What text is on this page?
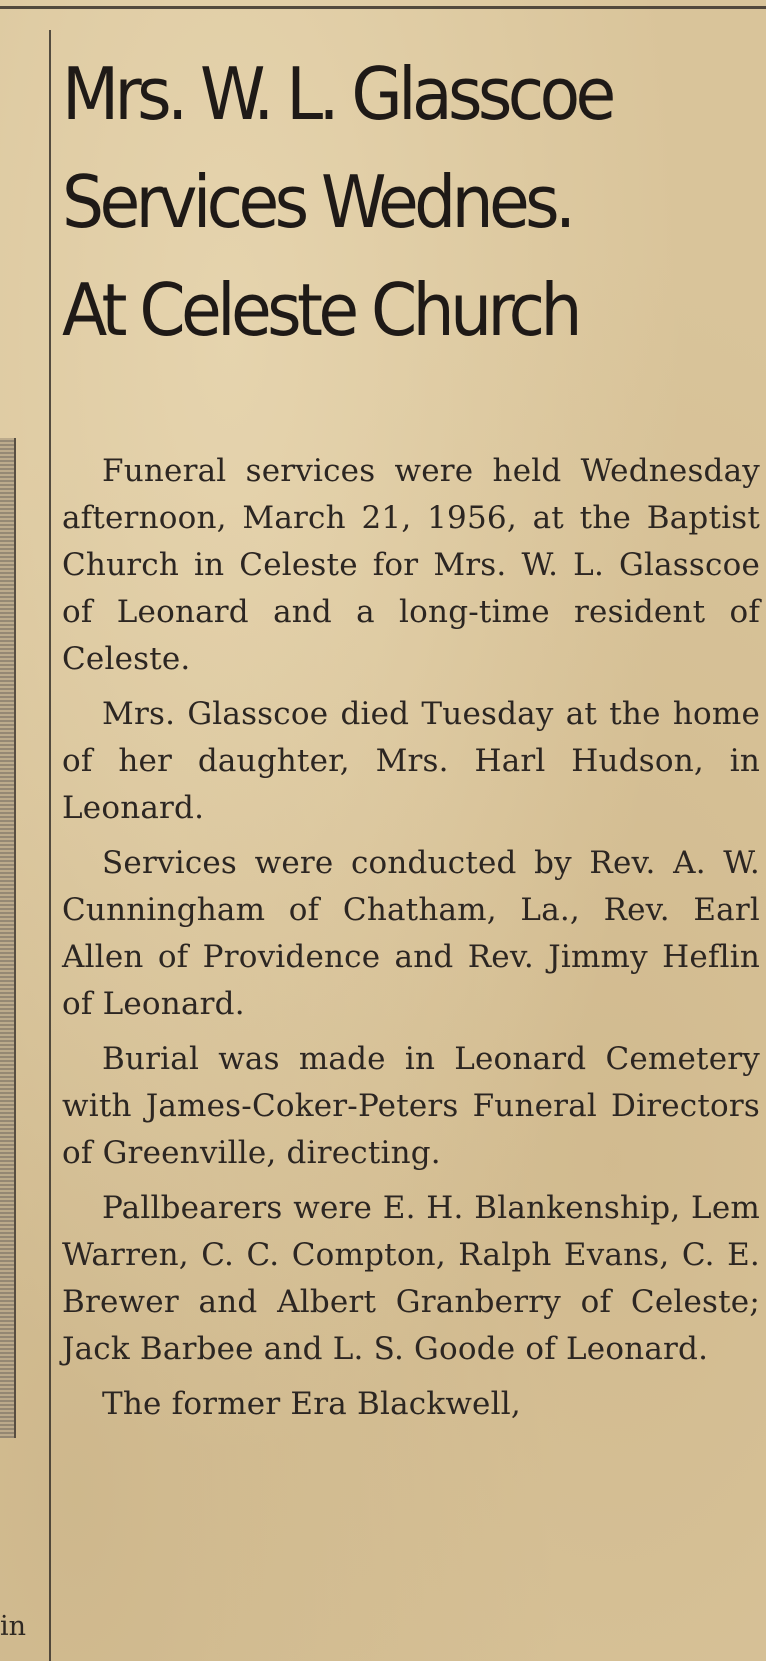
in
Mrs. W. L. Glasscoe
Services Wednes.
At Celeste Church

Funeral services were held Wednesday afternoon, March 21, 1956, at the Baptist Church in Celeste for Mrs. W. L. Glasscoe of Leonard and a long-time resident of Celeste.

Mrs. Glasscoe died Tuesday at the home of her daughter, Mrs. Harl Hudson, in Leonard.

Services were conducted by Rev. A. W. Cunningham of Chatham, La., Rev. Earl Allen of Providence and Rev. Jimmy Heflin of Leonard.

Burial was made in Leonard Cemetery with James-Coker-Peters Funeral Directors of Greenville, directing.

Pallbearers were E. H. Blankenship, Lem Warren, C. C. Compton, Ralph Evans, C. E. Brewer and Albert Granberry of Celeste; Jack Barbee and L. S. Goode of Leonard.

The former Era Blackwell,
